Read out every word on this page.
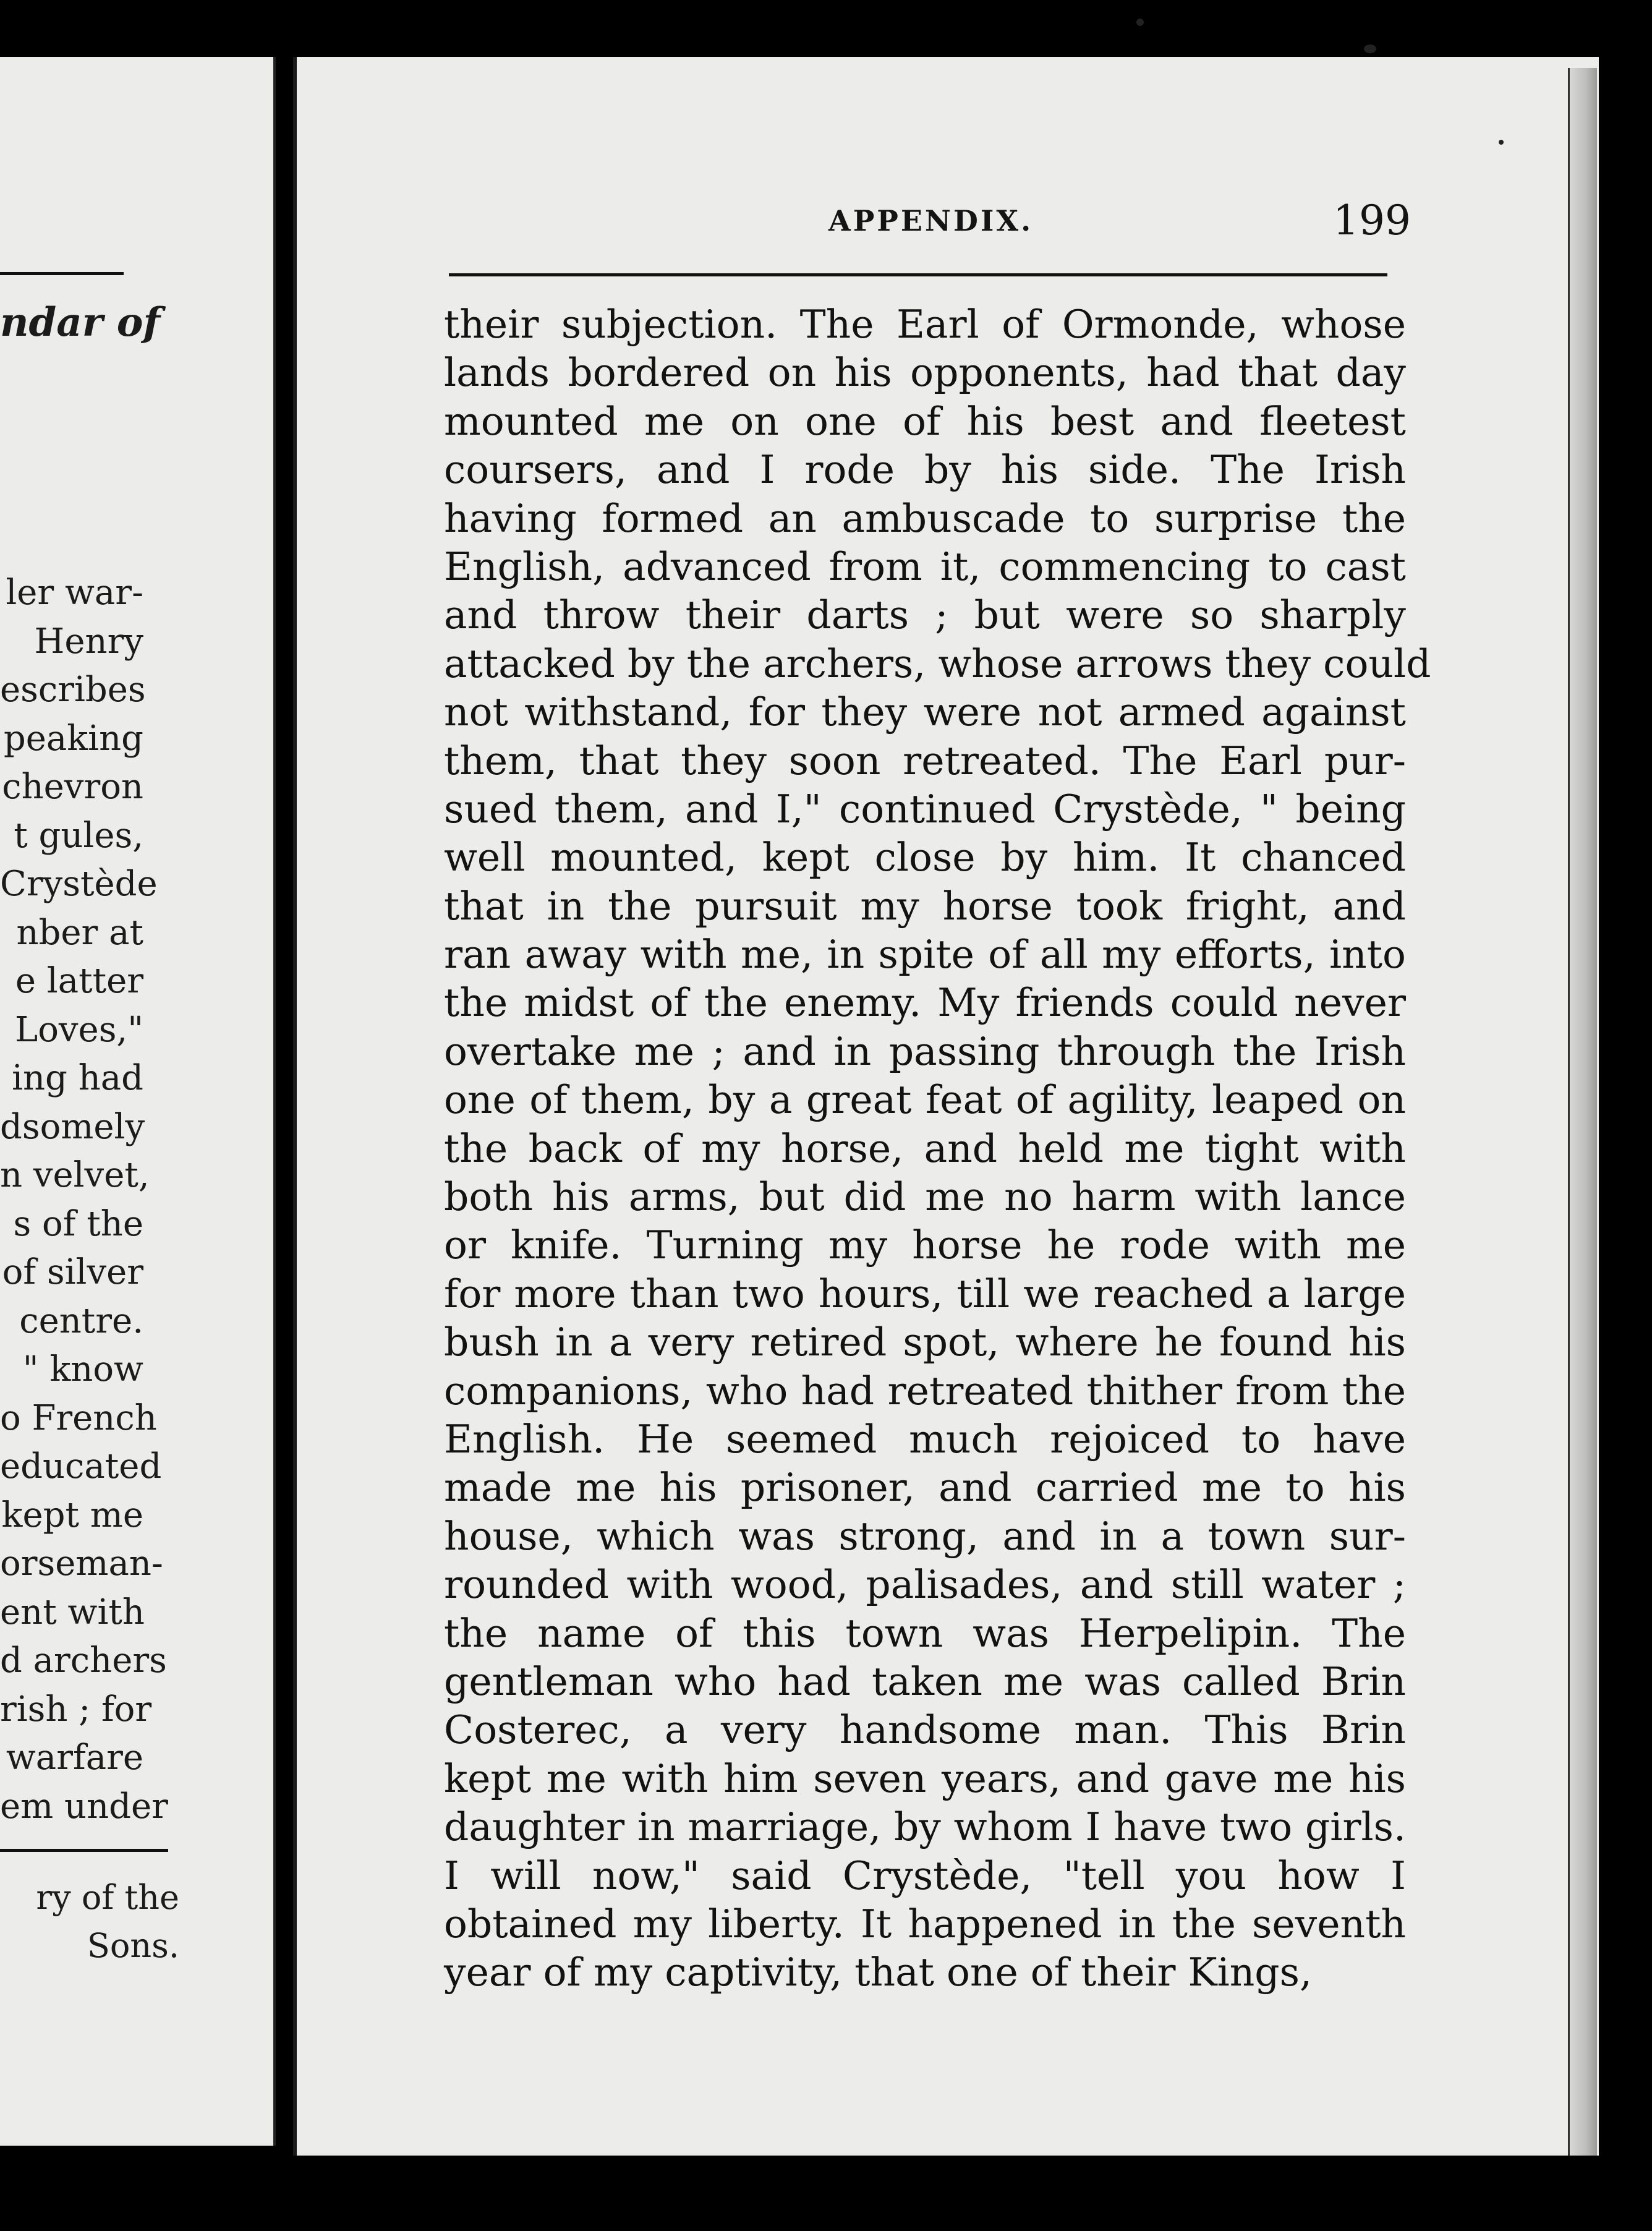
ndar of
ler war-
Henry
escribes
peaking
chevron
t gules,
Crystède
nber at
e latter
Loves,"
ing had
dsomely
n velvet,
s of the
of silver
centre.
" know
o French
educated
kept me
orseman-
ent with
d archers
rish ; for
warfare
em under
ry of the
Sons.
APPENDIX.	199
their subjection. The Earl of Ormonde, whose
lands bordered on his opponents, had that day
mounted me on one of his best and fleetest
coursers, and I rode by his side. The Irish
having formed an ambuscade to surprise the
English, advanced from it, commencing to cast
and throw their darts ; but were so sharply
attacked by the archers, whose arrows they could
not withstand, for they were not armed against
them, that they soon retreated. The Earl pur-
sued them, and I," continued Crystède, " being
well mounted, kept close by him. It chanced
that in the pursuit my horse took fright, and
ran away with me, in spite of all my efforts, into
the midst of the enemy. My friends could never
overtake me ; and in passing through the Irish
one of them, by a great feat of agility, leaped on
the back of my horse, and held me tight with
both his arms, but did me no harm with lance
or knife. Turning my horse he rode with me
for more than two hours, till we reached a large
bush in a very retired spot, where he found his
companions, who had retreated thither from the
English. He seemed much rejoiced to have
made me his prisoner, and carried me to his
house, which was strong, and in a town sur-
rounded with wood, palisades, and still water ;
the name of this town was Herpelipin. The
gentleman who had taken me was called Brin
Costerec, a very handsome man. This Brin
kept me with him seven years, and gave me his
daughter in marriage, by whom I have two girls.
I will now," said Crystède, "tell you how I
obtained my liberty. It happened in the seventh
year of my captivity, that one of their Kings,
